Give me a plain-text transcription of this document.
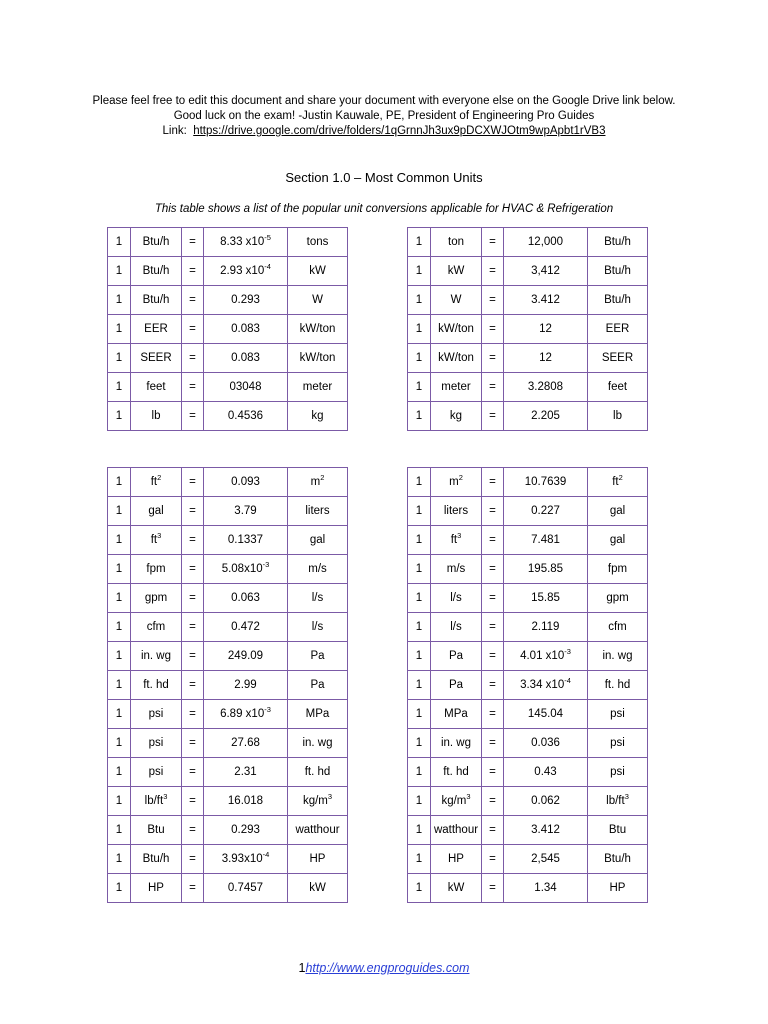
Please feel free to edit this document and share your document with everyone else on the Google Drive link below.
Good luck on the exam! -Justin Kauwale, PE, President of Engineering Pro Guides
Link: https://drive.google.com/drive/folders/1qGrnnJh3ux9pDCXWJOtm9wpApbt1rVB3
Section 1.0 – Most Common Units
This table shows a list of the popular unit conversions applicable for HVAC & Refrigeration
1	Btu/h	=	8.33 $x10^{-5}$	tons
1	Btu/h	=	2.93 $x10^{-4}$	kW
1	Btu/h	=	0.293	W
1	EER	=	0.083	kW/ton
1	SEER	=	0.083	kW/ton
1	feet	=	03048	meter
1	lb	=	0.4536	kg
1	ton	=	12,000	Btu/h
1	kW	=	3,412	Btu/h
1	W	=	3.412	Btu/h
1	kW/ton	=	12	EER
1	kW/ton	=	12	SEER
1	meter	=	3.2808	feet
1	kg	=	2.205	lb
1	$ft^2$	=	0.093	$m^2$
1	gal	=	3.79	liters
1	$ft^3$	=	0.1337	gal
1	fpm	=	$5.08x10^{-3}$	m/s
1	gpm	=	0.063	l/s
1	cfm	=	0.472	l/s
1	in. wg	=	249.09	Pa
1	ft. hd	=	2.99	Pa
1	psi	=	6.89 $x10^{-3}$	MPa
1	psi	=	27.68	in. wg
1	psi	=	2.31	ft. hd
1	$lb/ft^3$	=	16.018	$kg/m^3$
1	Btu	=	0.293	watthour
1	Btu/h	=	$3.93x10^{-4}$	HP
1	HP	=	0.7457	kW
1	$m^2$	=	10.7639	$ft^2$
1	liters	=	0.227	gal
1	$ft^3$	=	7.481	gal
1	m/s	=	195.85	fpm
1	l/s	=	15.85	gpm
1	l/s	=	2.119	cfm
1	Pa	=	4.01 $x10^{-3}$	in. wg
1	Pa	=	3.34 $x10^{-4}$	ft. hd
1	MPa	=	145.04	psi
1	in. wg	=	0.036	psi
1	ft. hd	=	0.43	psi
1	$kg/m^3$	=	0.062	$lb/ft^3$
1	watthour	=	3.412	Btu
1	HP	=	2,545	Btu/h
1	kW	=	1.34	HP
1http://www.engproguides.com
